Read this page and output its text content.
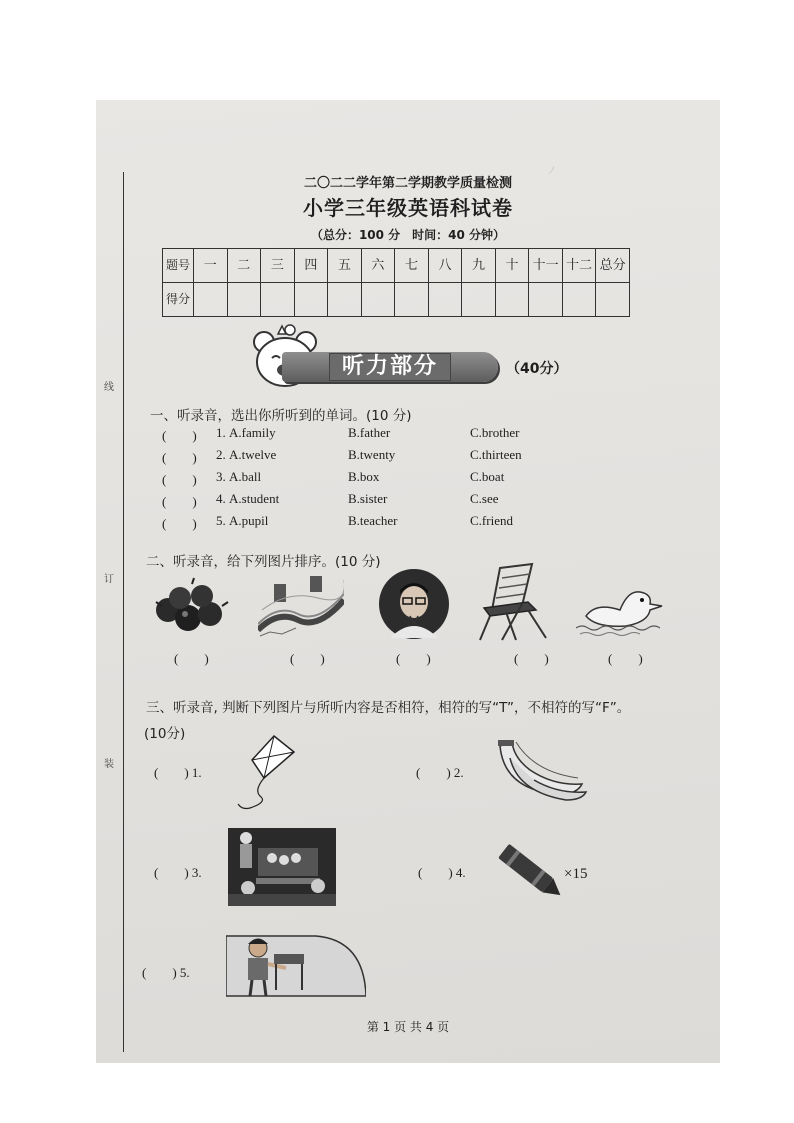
ノ
线
订
装
二〇二二学年第二学期教学质量检测
小学三年级英语科试卷
（总分：100 分　时间：40 分钟）
题号	一	二	三	四	五	六	七	八	九	十	十一	十二	总分
得分													
听力部分	（40分）
一、听录音，选出你所听到的单词。(10 分)
(　　) 1. A.family	B.father	C.brother
(　　) 2. A.twelve	B.twenty	C.thirteen
(　　) 3. A.ball	B.box	C.boat
(　　) 4. A.student	B.sister	C.see
(　　) 5. A.pupil	B.teacher	C.friend
二、听录音，给下列图片排序。(10 分)
(　　)	(　　)	(　　)	(　　)	(　　)
三、听录音, 判断下列图片与所听内容是否相符，相符的写“T”，不相符的写“F”。
(10分)
(　　) 1.	(　　) 2.
(　　) 3.	(　　) 4.	×15
(　　) 5.
第 1 页 共 4 页
